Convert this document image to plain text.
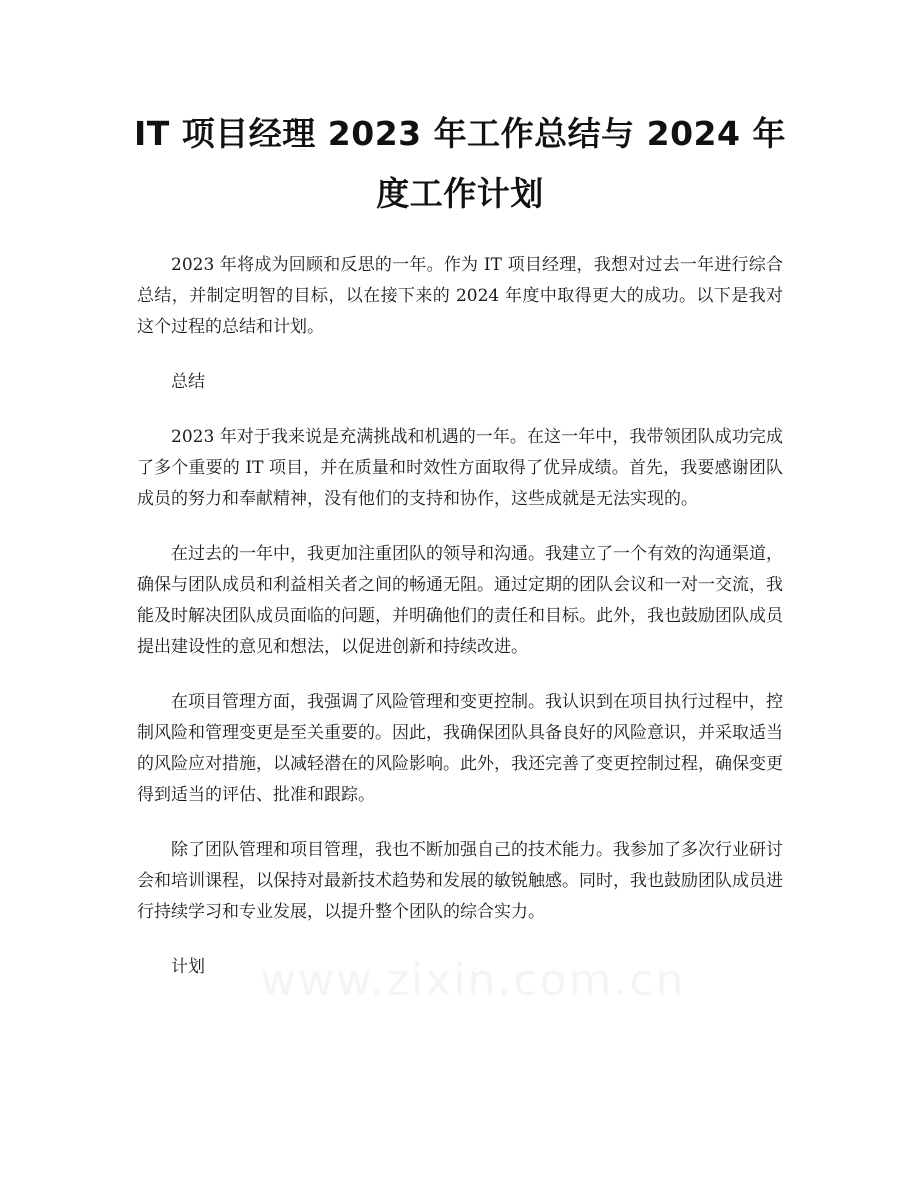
IT 项目经理 2023 年工作总结与 2024 年度工作计划

2023 年将成为回顾和反思的一年。作为 IT 项目经理，我想对过去一年进行综合总结，并制定明智的目标，以在接下来的 2024 年度中取得更大的成功。以下是我对这个过程的总结和计划。

总结

2023 年对于我来说是充满挑战和机遇的一年。在这一年中，我带领团队成功完成了多个重要的 IT 项目，并在质量和时效性方面取得了优异成绩。首先，我要感谢团队成员的努力和奉献精神，没有他们的支持和协作，这些成就是无法实现的。

在过去的一年中，我更加注重团队的领导和沟通。我建立了一个有效的沟通渠道，确保与团队成员和利益相关者之间的畅通无阻。通过定期的团队会议和一对一交流，我能及时解决团队成员面临的问题，并明确他们的责任和目标。此外，我也鼓励团队成员提出建设性的意见和想法，以促进创新和持续改进。

在项目管理方面，我强调了风险管理和变更控制。我认识到在项目执行过程中，控制风险和管理变更是至关重要的。因此，我确保团队具备良好的风险意识，并采取适当的风险应对措施，以减轻潜在的风险影响。此外，我还完善了变更控制过程，确保变更得到适当的评估、批准和跟踪。

除了团队管理和项目管理，我也不断加强自己的技术能力。我参加了多次行业研讨会和培训课程，以保持对最新技术趋势和发展的敏锐触感。同时，我也鼓励团队成员进行持续学习和专业发展，以提升整个团队的综合实力。

计划
